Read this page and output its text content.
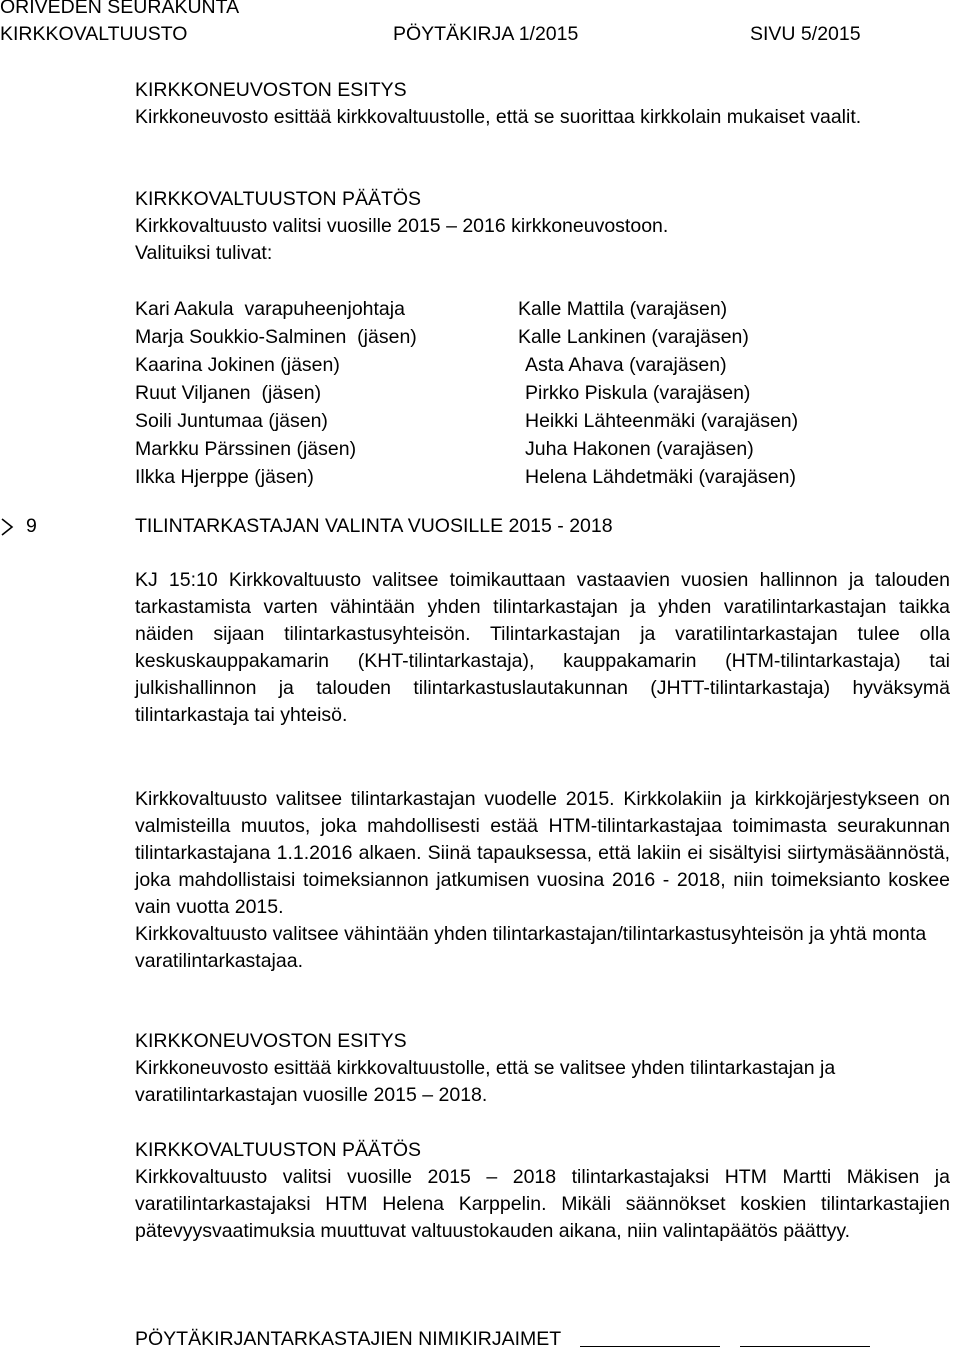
ORIVEDEN SEURAKUNTA
KIRKKOVALTUUSTO	PÖYTÄKIRJA 1/2015	SIVU 5/2015

KIRKKONEUVOSTON ESITYS

Kirkkoneuvosto esittää kirkkovaltuustolle, että se suorittaa kirkkolain mukaiset vaalit.

KIRKKOVALTUUSTON PÄÄTÖS

Kirkkovaltuusto valitsi vuosille 2015 – 2016 kirkkoneuvostoon.

Valituiksi tulivat:

Kari Aakula  varapuheenjohtaja	Kalle Mattila (varajäsen)
Marja Soukkio-Salminen  (jäsen)	Kalle Lankinen (varajäsen)
Kaarina Jokinen (jäsen)	Asta Ahava (varajäsen)
Ruut Viljanen  (jäsen)	Pirkko Piskula (varajäsen)
Soili Juntumaa (jäsen)	Heikki Lähteenmäki (varajäsen)
Markku Pärssinen (jäsen)	Juha Hakonen (varajäsen)
Ilkka Hjerppe (jäsen)	Helena Lähdetmäki (varajäsen)
9	TILINTARKASTAJAN VALINTA VUOSILLE 2015 - 2018

KJ 15:10 Kirkkovaltuusto valitsee toimikauttaan vastaavien vuosien hallinnon ja talouden tarkastamista varten vähintään yhden tilintarkastajan ja yhden varatilintarkastajan taikka näiden sijaan tilintarkastusyhteisön. Tilintarkastajan ja varatilintarkastajan tulee olla keskuskauppakamarin (KHT-tilintarkastaja), kauppakamarin (HTM-tilintarkastaja) tai julkishallinnon ja talouden tilintarkastuslautakunnan (JHTT-tilintarkastaja) hyväksymä tilintarkastaja tai yhteisö.

Kirkkovaltuusto valitsee tilintarkastajan vuodelle 2015. Kirkkolakiin ja kirkkojärjestykseen on valmisteilla muutos, joka mahdollisesti estää HTM-tilintarkastajaa toimimasta seurakunnan tilintarkastajana 1.1.2016 alkaen. Siinä tapauksessa, että lakiin ei sisältyisi siirtymäsäännöstä, joka mahdollistaisi toimeksiannon jatkumisen vuosina 2016 - 2018, niin toimeksianto koskee vain vuotta 2015.

Kirkkovaltuusto valitsee vähintään yhden tilintarkastajan/tilintarkastusyhteisön ja yhtä monta varatilintarkastajaa.

KIRKKONEUVOSTON ESITYS

Kirkkoneuvosto esittää kirkkovaltuustolle, että se valitsee yhden tilintarkastajan ja varatilintarkastajan vuosille 2015 – 2018.

KIRKKOVALTUUSTON PÄÄTÖS

Kirkkovaltuusto valitsi vuosille 2015 – 2018 tilintarkastajaksi HTM Martti Mäkisen ja varatilintarkastajaksi HTM Helena Karppelin. Mikäli säännökset koskien tilintarkastajien pätevyysvaatimuksia muuttuvat valtuustokauden aikana, niin valintapäätös päättyy.

PÖYTÄKIRJANTARKASTAJIEN NIMIKIRJAIMET
